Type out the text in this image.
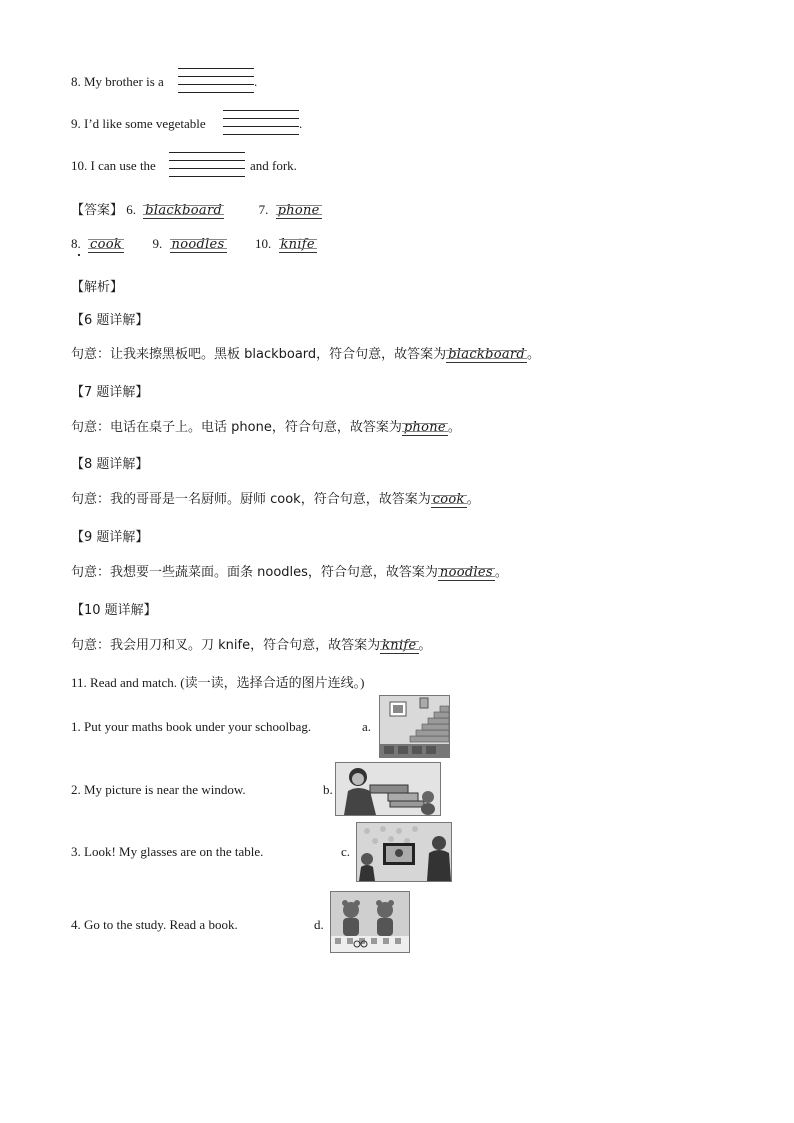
8. My brother is a	.
9. I’d like some vegetable	.
10. I can use the	and fork.
【答案】 6. blackboard	7. phone
8. cook 9. noodles 10. knife
【解析】
【6 题详解】
句意：让我来擦黑板吧。黑板 blackboard，符合句意，故答案为 blackboard 。
【7 题详解】
句意：电话在桌子上。电话 phone，符合句意，故答案为 phone 。
【8 题详解】
句意：我的哥哥是一名厨师。厨师 cook，符合句意，故答案为 cook 。
【9 题详解】
句意：我想要一些蔬菜面。面条 noodles，符合句意，故答案为 noodles 。
【10 题详解】
句意：我会用刀和叉。刀 knife，符合句意，故答案为 knife 。
11. Read and match. (读一读，选择合适的图片连线。)
1. Put your maths book under your schoolbag.	a.
2. My picture is near the window.	b.
3. Look! My glasses are on the table.	c.
4. Go to the study. Read a book.	d.
